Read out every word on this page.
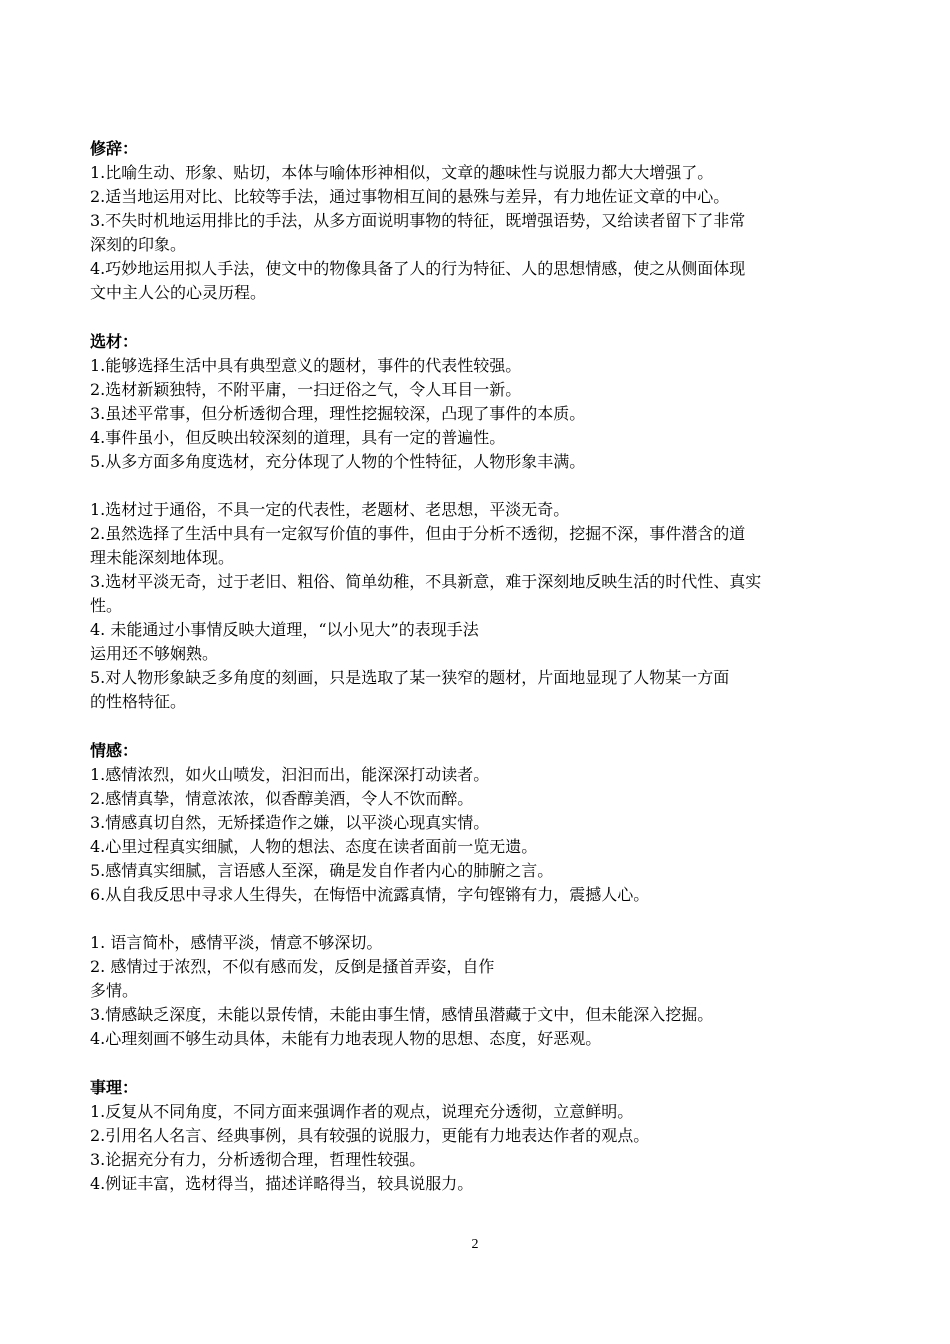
修辞：
1.比喻生动、形象、贴切，本体与喻体形神相似，文章的趣味性与说服力都大大增强了。
2.适当地运用对比、比较等手法，通过事物相互间的悬殊与差异，有力地佐证文章的中心。
3.不失时机地运用排比的手法，从多方面说明事物的特征，既增强语势，又给读者留下了非常
深刻的印象。
4.巧妙地运用拟人手法，使文中的物像具备了人的行为特征、人的思想情感，使之从侧面体现
文中主人公的心灵历程。
选材：
1.能够选择生活中具有典型意义的题材，事件的代表性较强。
2.选材新颖独特，不附平庸，一扫迂俗之气，令人耳目一新。
3.虽述平常事，但分析透彻合理，理性挖掘较深，凸现了事件的本质。
4.事件虽小，但反映出较深刻的道理，具有一定的普遍性。
5.从多方面多角度选材，充分体现了人物的个性特征，人物形象丰满。
1.选材过于通俗，不具一定的代表性，老题材、老思想，平淡无奇。
2.虽然选择了生活中具有一定叙写价值的事件，但由于分析不透彻，挖掘不深，事件潜含的道
理未能深刻地体现。
3.选材平淡无奇，过于老旧、粗俗、简单幼稚，不具新意，难于深刻地反映生活的时代性、真实
性。
4. 未能通过小事情反映大道理，“以小见大”的表现手法
运用还不够娴熟。
5.对人物形象缺乏多角度的刻画，只是选取了某一狭窄的题材，片面地显现了人物某一方面
的性格特征。
情感：
1.感情浓烈，如火山喷发，汩汩而出，能深深打动读者。
2.感情真挚，情意浓浓，似香醇美酒，令人不饮而醉。
3.情感真切自然，无矫揉造作之嫌，以平淡心现真实情。
4.心里过程真实细腻，人物的想法、态度在读者面前一览无遗。
5.感情真实细腻，言语感人至深，确是发自作者内心的肺腑之言。
6.从自我反思中寻求人生得失，在悔悟中流露真情，字句铿锵有力，震撼人心。
1. 语言简朴，感情平淡，情意不够深切。
2. 感情过于浓烈，不似有感而发，反倒是搔首弄姿，自作
多情。
3.情感缺乏深度，未能以景传情，未能由事生情，感情虽潜藏于文中，但未能深入挖掘。
4.心理刻画不够生动具体，未能有力地表现人物的思想、态度，好恶观。
事理：
1.反复从不同角度，不同方面来强调作者的观点，说理充分透彻，立意鲜明。
2.引用名人名言、经典事例，具有较强的说服力，更能有力地表达作者的观点。
3.论据充分有力，分析透彻合理，哲理性较强。
4.例证丰富，选材得当，描述详略得当，较具说服力。
2
